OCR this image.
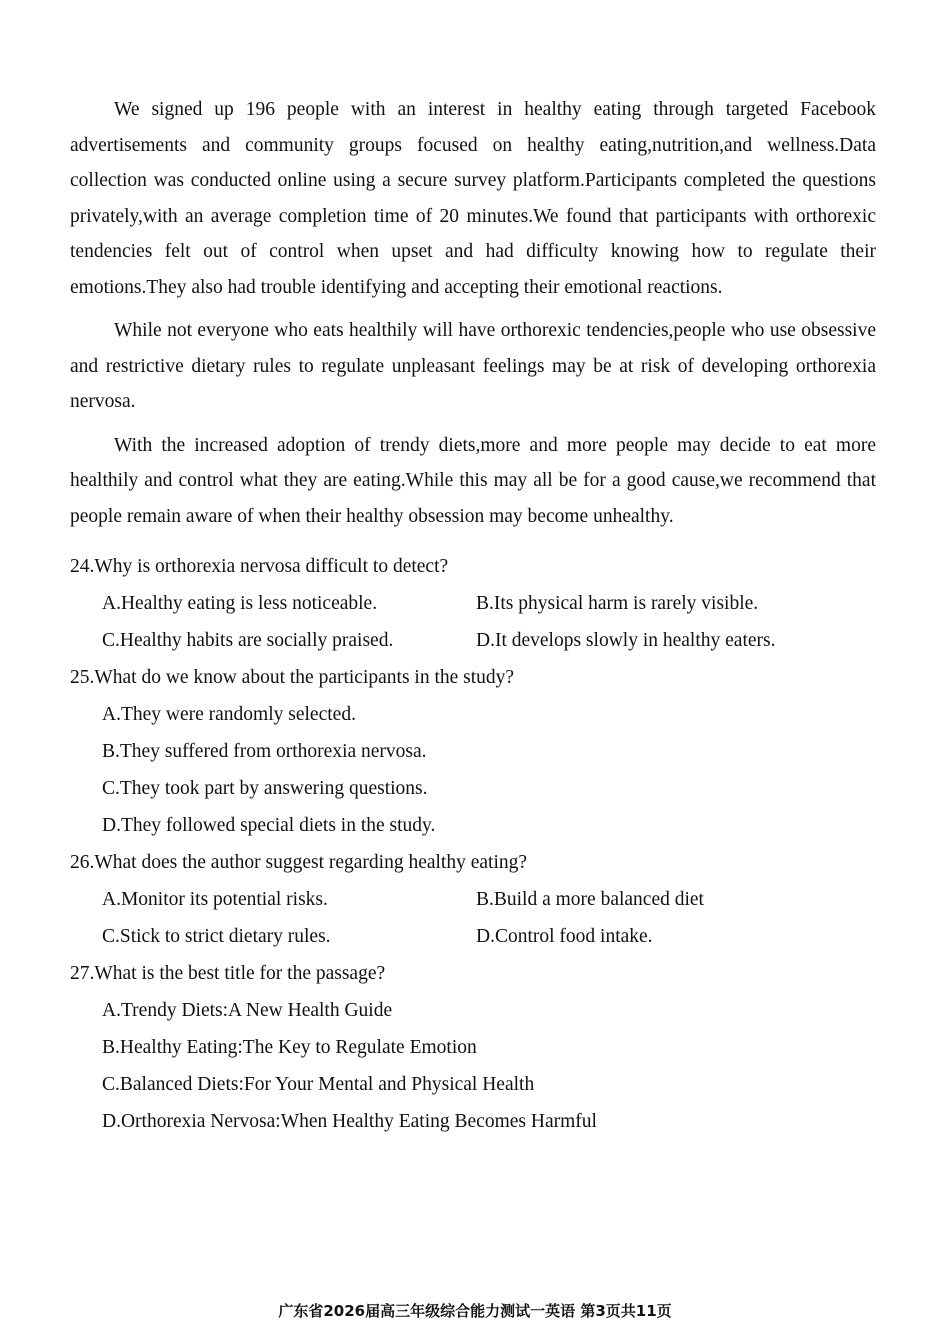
We signed up 196 people with an interest in healthy eating through targeted Facebook advertisements and community groups focused on healthy eating,nutrition,and wellness.Data collection was conducted online using a secure survey platform.Participants completed the questions privately,with an average completion time of 20 minutes.We found that participants with orthorexic tendencies felt out of control when upset and had difficulty knowing how to regulate their emotions.They also had trouble identifying and accepting their emotional reactions.

While not everyone who eats healthily will have orthorexic tendencies,people who use obsessive and restrictive dietary rules to regulate unpleasant feelings may be at risk of developing orthorexia nervosa.

With the increased adoption of trendy diets,more and more people may decide to eat more healthily and control what they are eating.While this may all be for a good cause,we recommend that people remain aware of when their healthy obsession may become unhealthy.

24.Why is orthorexia nervosa difficult to detect?
A.Healthy eating is less noticeable.	B.Its physical harm is rarely visible.
C.Healthy habits are socially praised.	D.It develops slowly in healthy eaters.
25.What do we know about the participants in the study?
A.They were randomly selected.
B.They suffered from orthorexia nervosa.
C.They took part by answering questions.
D.They followed special diets in the study.
26.What does the author suggest regarding healthy eating?
A.Monitor its potential risks.	B.Build a more balanced diet
C.Stick to strict dietary rules.	D.Control food intake.
27.What is the best title for the passage?
A.Trendy Diets:A New Health Guide
B.Healthy Eating:The Key to Regulate Emotion
C.Balanced Diets:For Your Mental and Physical Health
D.Orthorexia Nervosa:When Healthy Eating Becomes Harmful
广东省2026届高三年级综合能力测试一英语 第3页共11页
